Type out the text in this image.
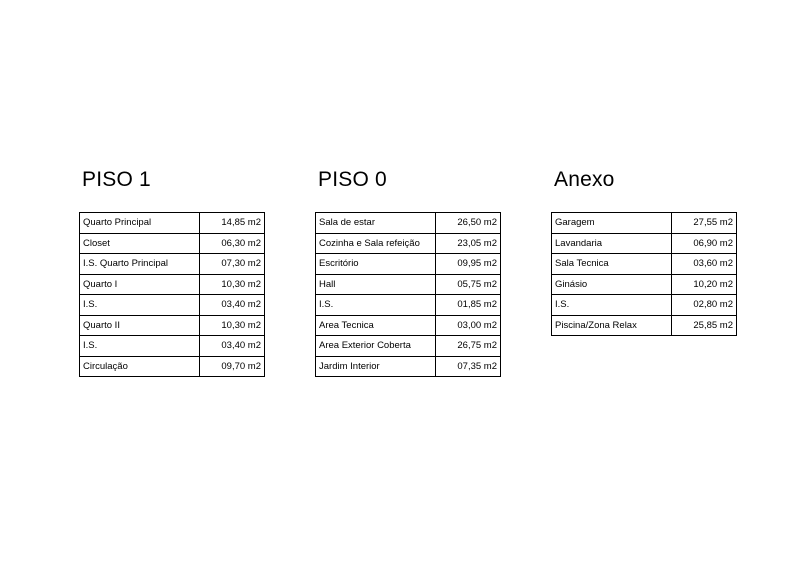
PISO 1
Quarto Principal	14,85 m2
Closet	06,30 m2
I.S. Quarto Principal	07,30 m2
Quarto I	10,30 m2
I.S.	03,40 m2
Quarto II	10,30 m2
I.S.	03,40 m2
Circulação	09,70 m2
PISO 0
Sala de estar	26,50 m2
Cozinha e Sala refeição	23,05 m2
Escritório	09,95 m2
Hall	05,75 m2
I.S.	01,85 m2
Area Tecnica	03,00 m2
Area Exterior Coberta	26,75 m2
Jardim Interior	07,35 m2
Anexo
Garagem	27,55 m2
Lavandaria	06,90 m2
Sala Tecnica	03,60 m2
Ginásio	10,20 m2
I.S.	02,80 m2
Piscina/Zona Relax	25,85 m2
